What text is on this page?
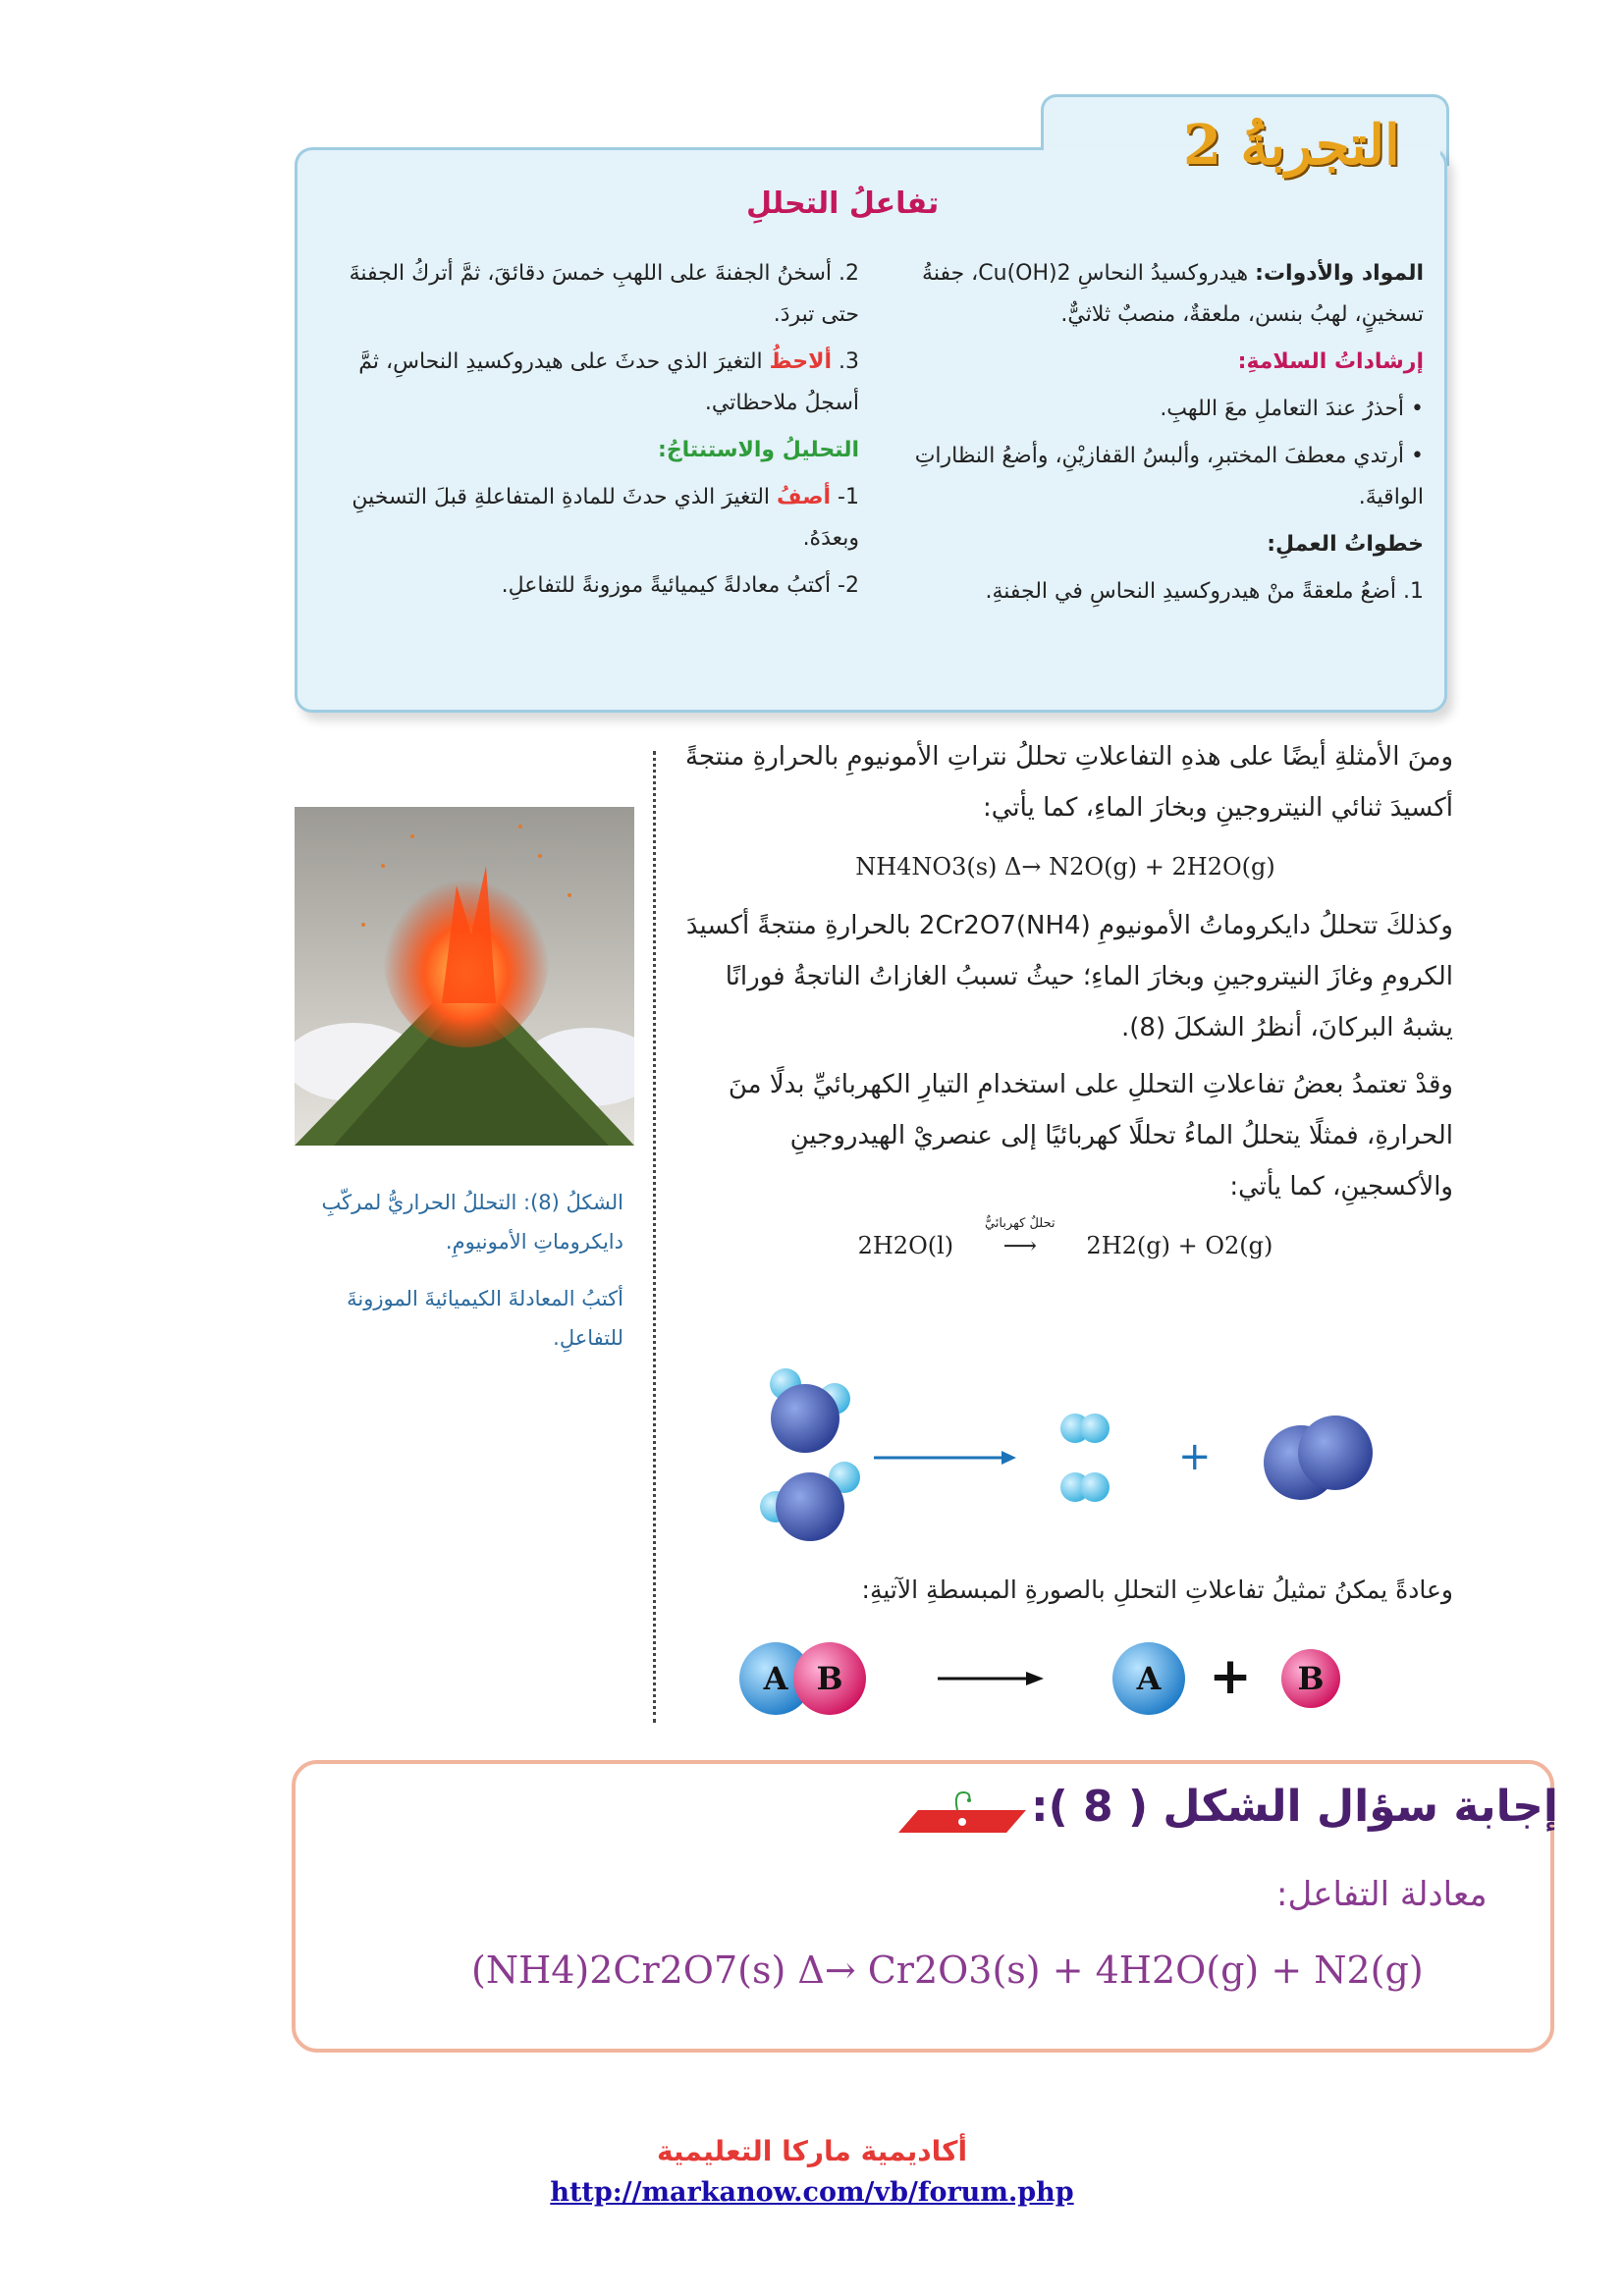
التجربةُ 2
تفاعلُ التحللِ

المواد والأدوات: هيدروكسيدُ النحاسِ Cu(OH)2، جفنةُ تسخينٍ، لهبُ بنسن، ملعقةٌ، منصبٌ ثلاثيٌّ.

إرشاداتُ السلامةِ:

• أحذرُ عندَ التعاملِ معَ اللهبِ.

• أرتدي معطفَ المختبرِ، وألبسُ القفازيْنِ، وأضعُ النظاراتِ الواقيةَ.

خطواتُ العملِ:

1. أضعُ ملعقةً منْ هيدروكسيدِ النحاسِ في الجفنةِ.

2. أسخنُ الجفنةَ على اللهبِ خمسَ دقائقَ، ثمَّ أتركُ الجفنةَ حتى تبردَ.

3. ألاحظُ التغيرَ الذي حدثَ على هيدروكسيدِ النحاسِ، ثمَّ أسجلُ ملاحظاتي.

التحليلُ والاستنتاجُ:

1- أصفُ التغيرَ الذي حدثَ للمادةِ المتفاعلةِ قبلَ التسخينِ وبعدَهُ.

2- أكتبُ معادلةً كيميائيةً موزونةً للتفاعلِ.

ومنَ الأمثلةِ أيضًا على هذهِ التفاعلاتِ تحللُ نتراتِ الأمونيومِ بالحرارةِ منتجةً أكسيدَ ثنائي النيتروجينِ وبخارَ الماءِ، كما يأتي:

NH4NO3(s) Δ→ N2O(g) + 2H2O(g)

وكذلكَ تتحللُ دايكروماتُ الأمونيومِ (NH4)2Cr2O7 بالحرارةِ منتجةً أكسيدَ الكرومِ وغازَ النيتروجينِ وبخارَ الماءِ؛ حيثُ تسببُ الغازاتُ الناتجةُ فورانًا يشبهُ البركانَ، أنظرُ الشكلَ (8).

وقدْ تعتمدُ بعضُ تفاعلاتِ التحللِ على استخدامِ التيارِ الكهربائيِّ بدلًا منَ الحرارةِ، فمثلًا يتحللُ الماءُ تحللًا كهربائيًا إلى عنصريْ الهيدروجينِ والأكسجينِ، كما يأتي:

2H2O(l)
تحللٌ كهربائيٌّ
⟶ 2H2(g) + O2(g)

الشكلُ (8): التحللُ الحراريُّ لمركّبِ دايكروماتِ الأمونيومِ.

أكتبُ المعادلةَ الكيميائيةَ الموزونةَ للتفاعلِ.

+
وعادةً يمكنُ تمثيلُ تفاعلاتِ التحللِ بالصورةِ المبسطةِ الآتيةِ:
A B	A + B
إجابة سؤال الشكل ( 8 ):
معادلة التفاعل:
(NH4)2Cr2O7(s) Δ→ Cr2O3(s) + 4H2O(g) + N2(g)
أكاديمية ماركا التعليمية
http://markanow.com/vb/forum.php
